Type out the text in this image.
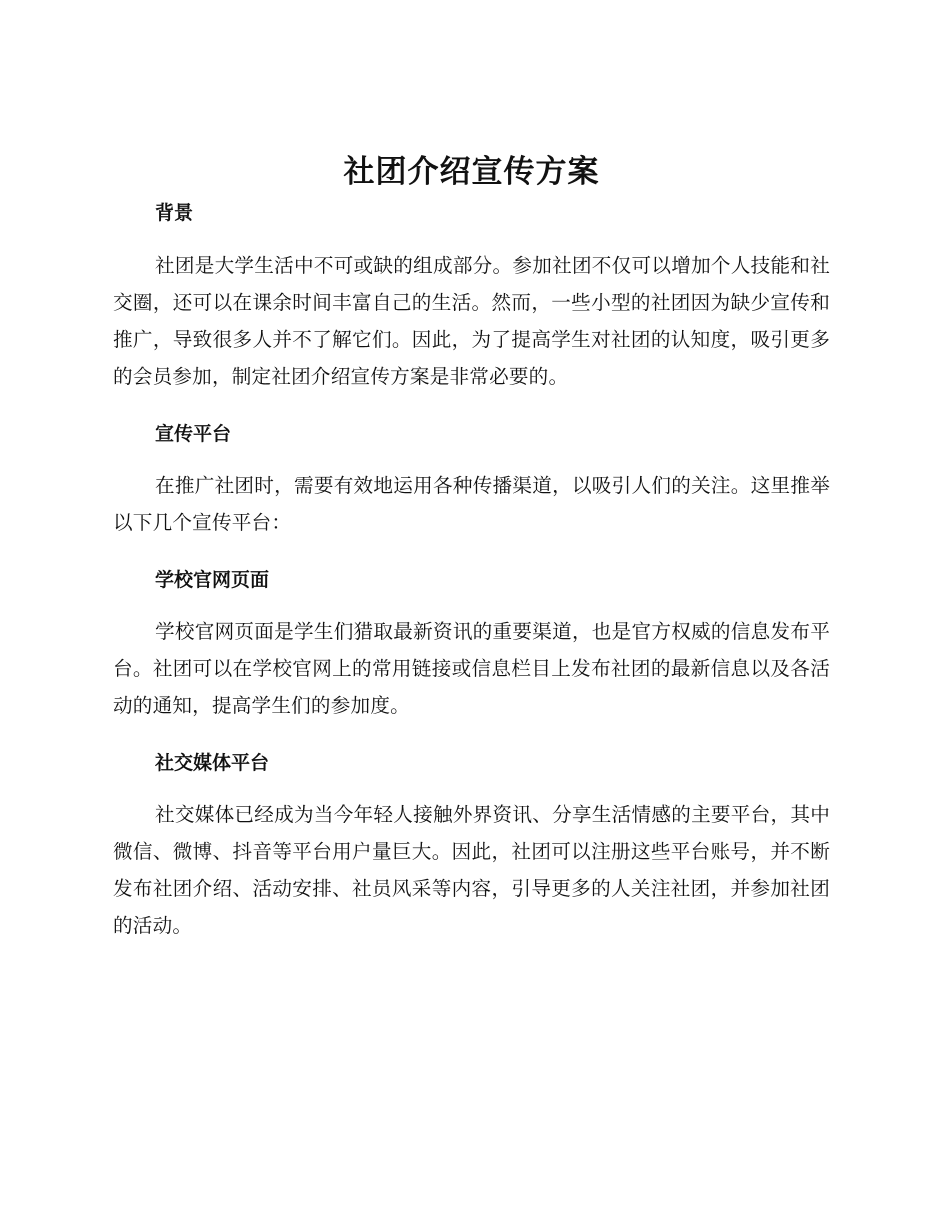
社团介绍宣传方案
背景

社团是大学生活中不可或缺的组成部分。参加社团不仅可以增加个人技能和社交圈，还可以在课余时间丰富自己的生活。然而，一些小型的社团因为缺少宣传和推广，导致很多人并不了解它们。因此，为了提高学生对社团的认知度，吸引更多的会员参加，制定社团介绍宣传方案是非常必要的。

宣传平台

在推广社团时，需要有效地运用各种传播渠道，以吸引人们的关注。这里推举以下几个宣传平台：

学校官网页面

学校官网页面是学生们猎取最新资讯的重要渠道，也是官方权威的信息发布平台。社团可以在学校官网上的常用链接或信息栏目上发布社团的最新信息以及各活动的通知，提高学生们的参加度。

社交媒体平台

社交媒体已经成为当今年轻人接触外界资讯、分享生活情感的主要平台，其中微信、微博、抖音等平台用户量巨大。因此，社团可以注册这些平台账号，并不断发布社团介绍、活动安排、社员风采等内容，引导更多的人关注社团，并参加社团的活动。
